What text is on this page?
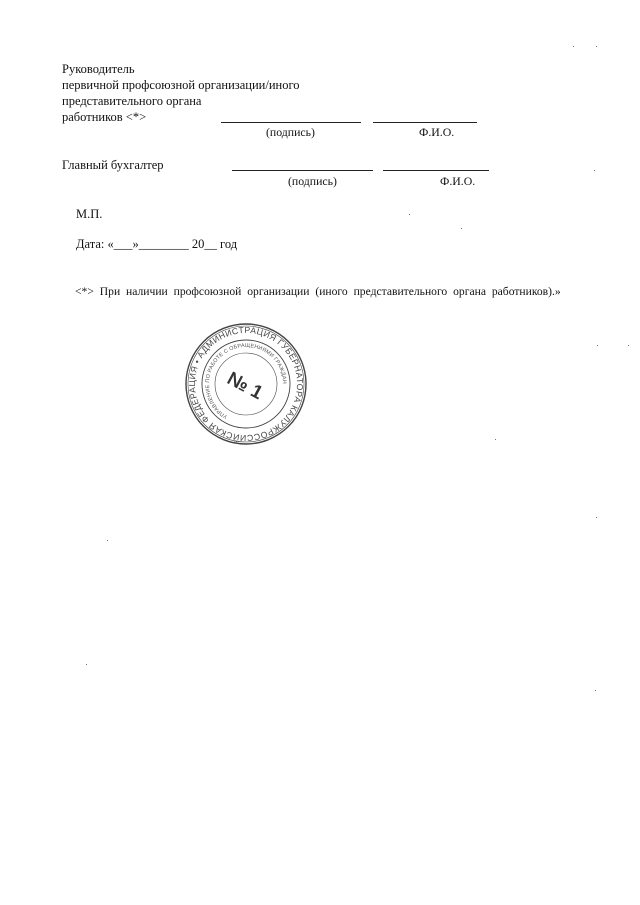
Руководитель
первичной профсоюзной организации/иного
представительного органа
работников <*>
(подпись)	Ф.И.О.
Главный бухгалтер
(подпись)	Ф.И.О.
М.П.
Дата: «___»________ 20__ год
<*> При наличии профсоюзной организации (иного представительного органа работников).»
РОССИЙСКАЯ ФЕДЕРАЦИЯ • АДМИНИСТРАЦИЯ ГУБЕРНАТОРА КАЛУЖСКОЙ
УПРАВЛЕНИЕ ПО РАБОТЕ С ОБРАЩЕНИЯМИ ГРАЖДАН
№ 1
